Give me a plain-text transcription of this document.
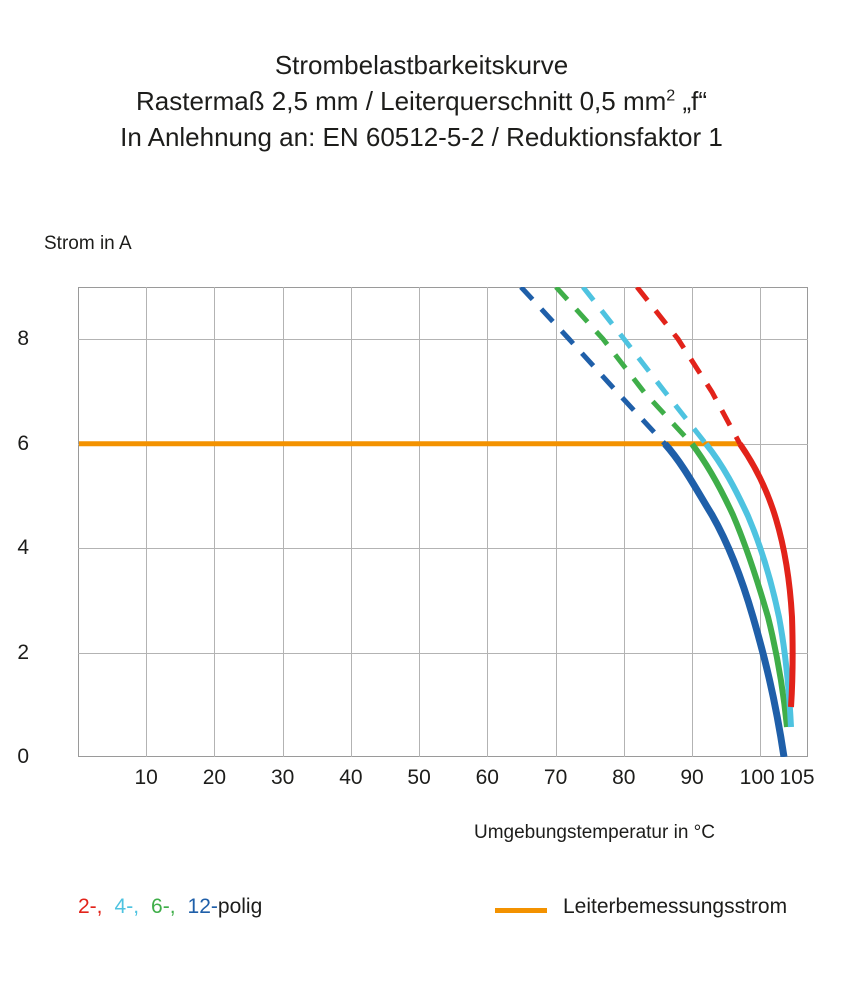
Strombelastbarkeitskurve
Rastermaß 2,5 mm / Leiterquerschnitt 0,5 $mm^2$ „f“
In Anlehnung an: EN 60512-5-2 / Reduktionsfaktor 1
Strom in A
Umgebungstemperatur in °C
0
2
4
6
8
10 20 30 40 50 60 70 80 90 100 105
2-, 4-, 6-, 12-polig	Leiterbemessungsstrom
